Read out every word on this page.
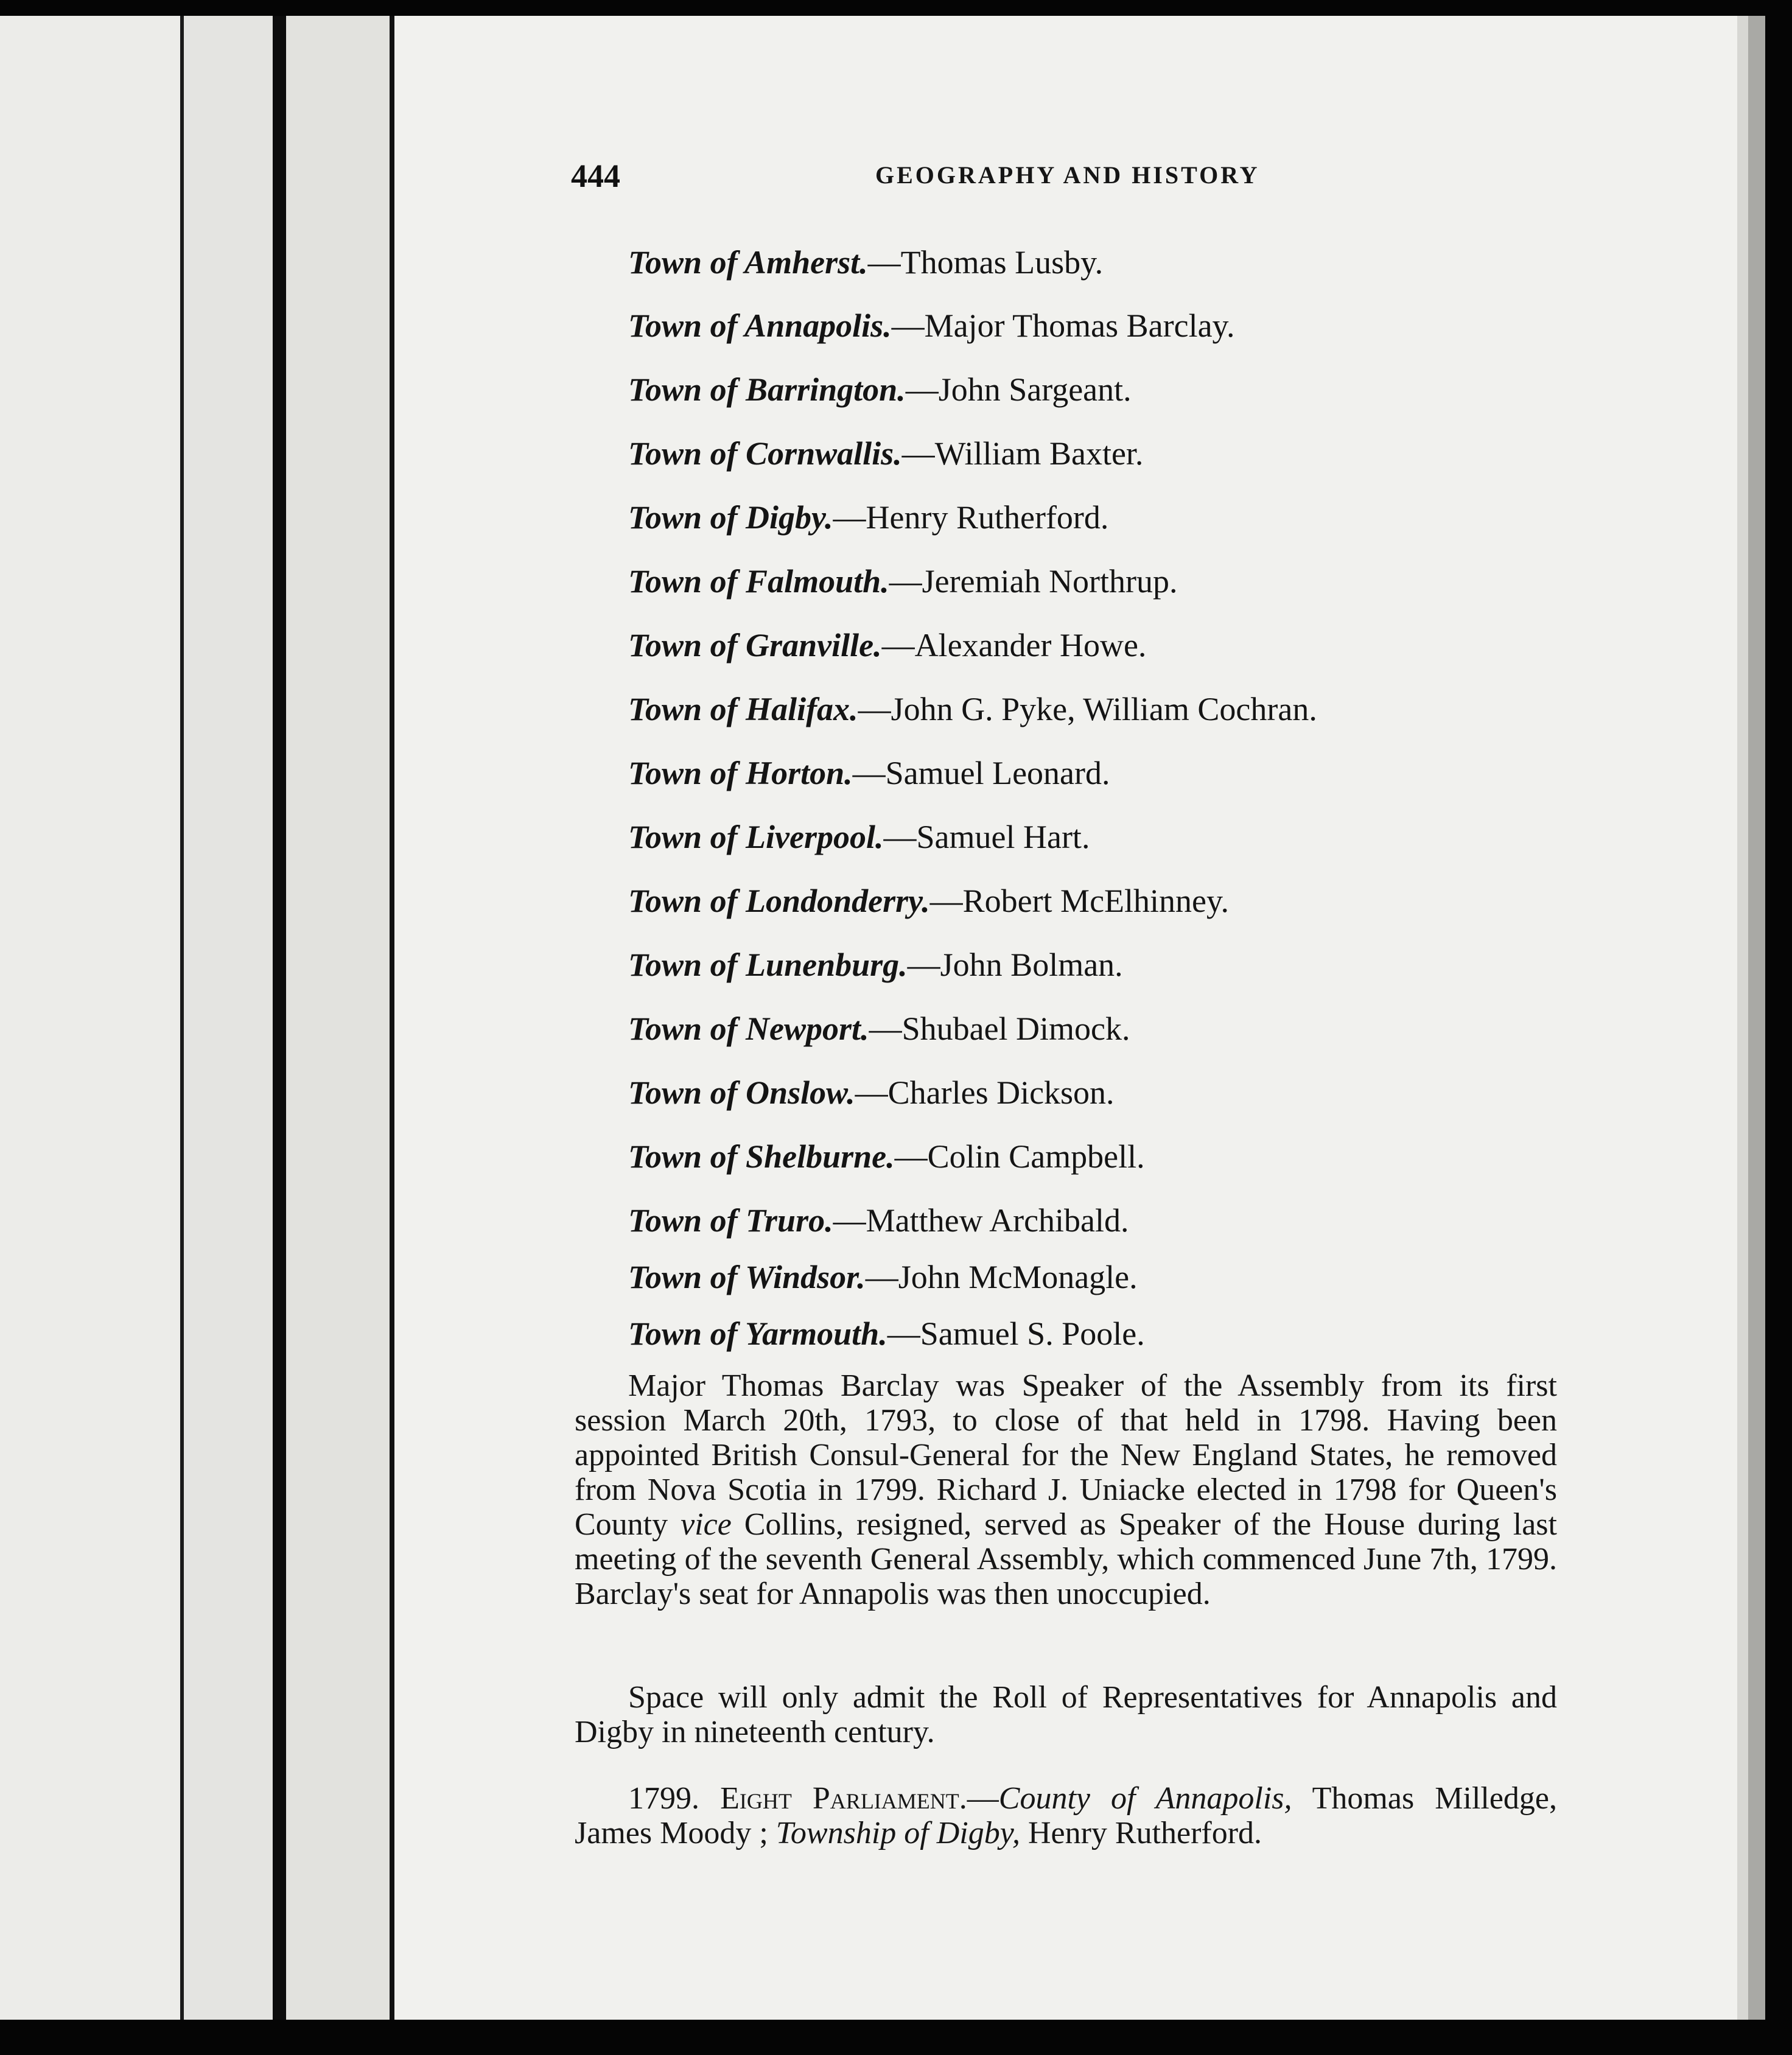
444	GEOGRAPHY AND HISTORY

Town of Amherst.—Thomas Lusby.

Town of Annapolis.—Major Thomas Barclay.

Town of Barrington.—John Sargeant.

Town of Cornwallis.—William Baxter.

Town of Digby.—Henry Rutherford.

Town of Falmouth.—Jeremiah Northrup.

Town of Granville.—Alexander Howe.

Town of Halifax.—John G. Pyke, William Cochran.

Town of Horton.—Samuel Leonard.

Town of Liverpool.—Samuel Hart.

Town of Londonderry.—Robert McElhinney.

Town of Lunenburg.—John Bolman.

Town of Newport.—Shubael Dimock.

Town of Onslow.—Charles Dickson.

Town of Shelburne.—Colin Campbell.

Town of Truro.—Matthew Archibald.

Town of Windsor.—John McMonagle.

Town of Yarmouth.—Samuel S. Poole.

Major Thomas Barclay was Speaker of the Assembly from its first session March 20th, 1793, to close of that held in 1798. Having been appointed British Consul-General for the New England States, he removed from Nova Scotia in 1799. Richard J. Uniacke elected in 1798 for Queen's County vice Collins, resigned, served as Speaker of the House during last meeting of the seventh General Assembly, which commenced June 7th, 1799. Barclay's seat for Annapolis was then unoccupied.

Space will only admit the Roll of Representatives for Annapolis and Digby in nineteenth century.

1799. Eight Parliament.—County of Annapolis, Thomas Milledge, James Moody ; Township of Digby, Henry Rutherford.
